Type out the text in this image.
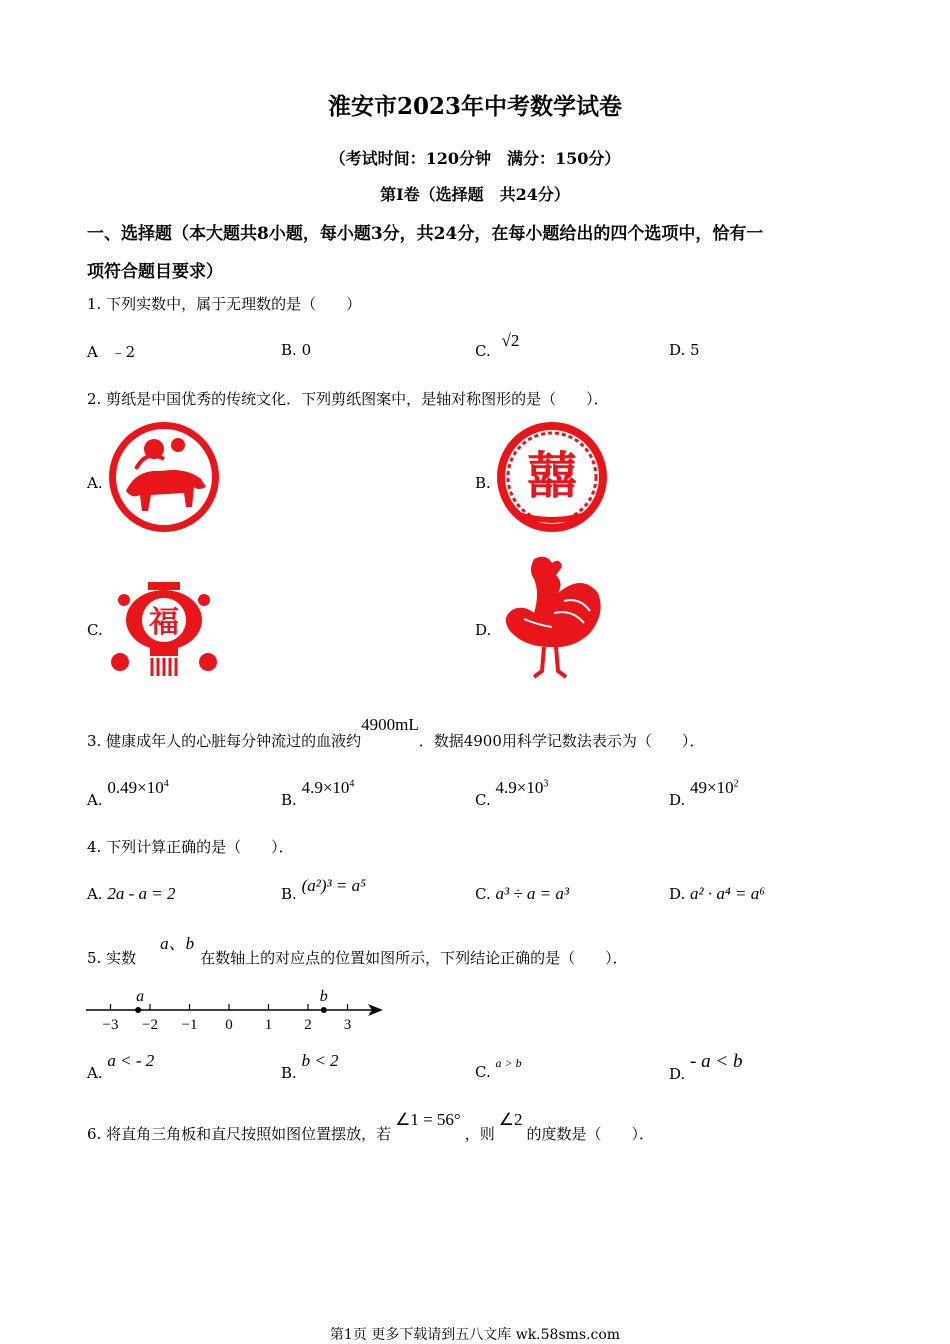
淮安市2023年中考数学试卷
（考试时间：120分钟　满分：150分）
第Ⅰ卷（选择题　共24分）
一、选择题（本大题共8小题，每小题3分，共24分，在每小题给出的四个选项中，恰有一
项符合题目要求）
1. 下列实数中，属于无理数的是（　　）
A ﹣2	B. 0	C. √2	D. 5
2. 剪纸是中国优秀的传统文化．下列剪纸图案中，是轴对称图形的是（　　）．
A.	B. 囍
C. 福	D.
3. 健康成年人的心脏每分钟流过的血液约4900mL．数据4900用科学记数法表示为（　　）．
A. $0.49\times 10^4$
B. $4.9\times 10^4$
C. $4.9\times 10^3$
D. $49\times 10^2$
4. 下列计算正确的是（　　）．
A. 2a - a = 2	B. (a²)³ = a⁵	C. a³ ÷ a = a³	D. a² · a⁴ = a⁶
5. 实数a、b在数轴上的对应点的位置如图所示，下列结论正确的是（　　）．
−3 −2 −1 0 1 2 3
a	b
A. a < - 2
B. b < 2
C. $^{a > b}$
D. - a < b
6. 将直角三角板和直尺按照如图位置摆放，若∠1 = 56°，则∠2的度数是（　　）．
第1页 更多下载请到五八文库 wk.58sms.com
